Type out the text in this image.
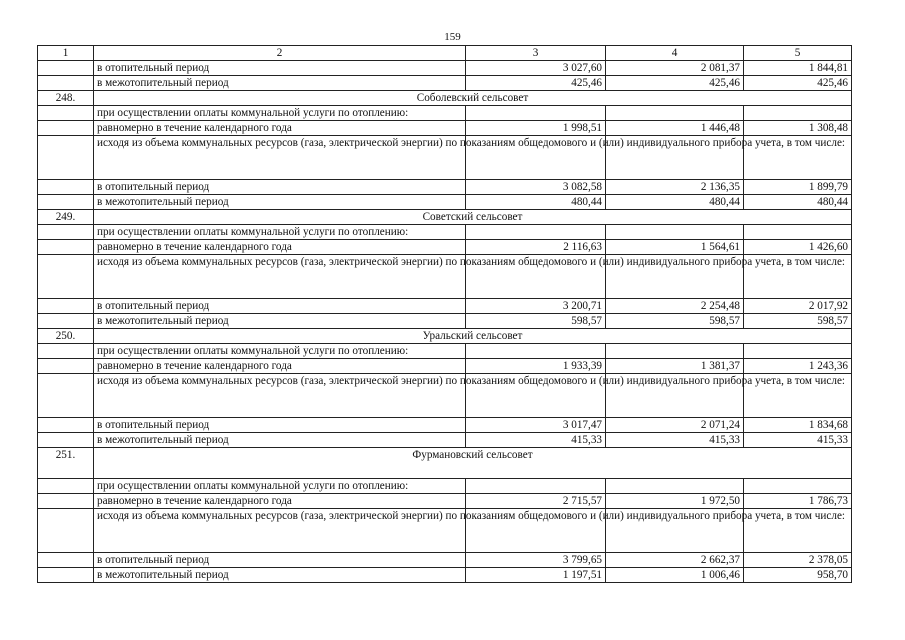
159
1	2	3	4	5
	в отопительный период	3 027,60	2 081,37	1 844,81
	в межотопительный период	425,46	425,46	425,46
248.	Соболевский сельсовет			
	при осуществлении оплаты коммунальной услуги по отоплению:			
	равномерно в течение календарного года	1 998,51	1 446,48	1 308,48
	исходя из объема коммунальных ресурсов (газа, электрической энергии) по показаниям общедомового и (или) индивидуального прибора учета, в том числе:			
	в отопительный период	3 082,58	2 136,35	1 899,79
	в межотопительный период	480,44	480,44	480,44
249.	Советский сельсовет			
	при осуществлении оплаты коммунальной услуги по отоплению:			
	равномерно в течение календарного года	2 116,63	1 564,61	1 426,60
	исходя из объема коммунальных ресурсов (газа, электрической энергии) по показаниям общедомового и (или) индивидуального прибора учета, в том числе:			
	в отопительный период	3 200,71	2 254,48	2 017,92
	в межотопительный период	598,57	598,57	598,57
250.	Уральский сельсовет			
	при осуществлении оплаты коммунальной услуги по отоплению:			
	равномерно в течение календарного года	1 933,39	1 381,37	1 243,36
	исходя из объема коммунальных ресурсов (газа, электрической энергии) по показаниям общедомового и (или) индивидуального прибора учета, в том числе:			
	в отопительный период	3 017,47	2 071,24	1 834,68
	в межотопительный период	415,33	415,33	415,33
251.	Фурмановский сельсовет			
	при осуществлении оплаты коммунальной услуги по отоплению:			
	равномерно в течение календарного года	2 715,57	1 972,50	1 786,73
	исходя из объема коммунальных ресурсов (газа, электрической энергии) по показаниям общедомового и (или) индивидуального прибора учета, в том числе:			
	в отопительный период	3 799,65	2 662,37	2 378,05
	в межотопительный период	1 197,51	1 006,46	958,70
